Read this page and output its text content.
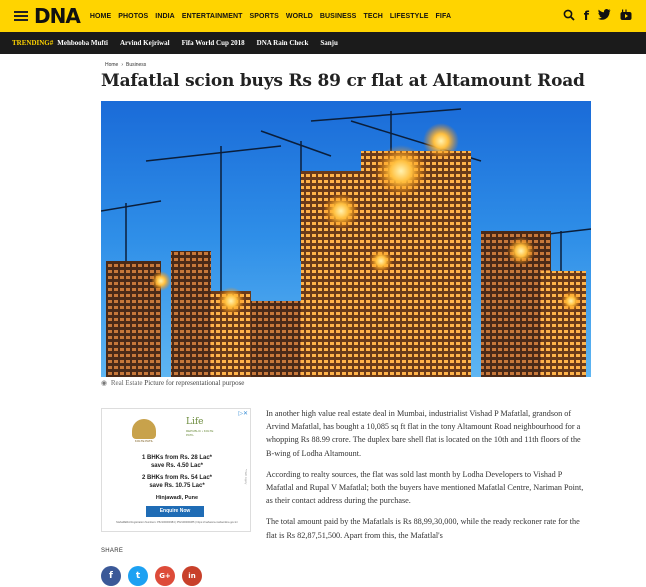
DNA HOME PHOTOS INDIA ENTERTAINMENT SPORTS WORLD BUSINESS TECH LIFESTYLE FIFA	f
TRENDING# Mehbooba Mufti Arvind Kejriwal Fifa World Cup 2018 DNA Rain Check Sanju
Home › Business
Mafatlal scion buys Rs 89 cr flat at Altamount Road
◉ Real Estate Picture for representational purpose
▷✕
KOLTE PATIL
Life
REPUBLIC • KOLTE PATIL
1 BHKs from Rs. 28 Lac*
save Rs. 4.50 Lac*
2 BHKs from Rs. 54 Lac*
save Rs. 10.75 Lac*
Hinjawadi, Pune
Enquire Now
MahaRERA Registration Numbers: P52100000384 | P52100000385 | https://maharera.mahaonline.gov.in/
*T&C Apply

In another high value real estate deal in Mumbai, industrialist Vishad P Mafatlal, grandson of Arvind Mafatlal, has bought a 10,085 sq ft flat in the tony Altamount Road neighbourhood for a whopping Rs 88.99 crore. The duplex bare shell flat is located on the 10th and 11th floors of the B-wing of Lodha Altamount.

According to realty sources, the flat was sold last month by Lodha Developers to Vishad P Mafatlal and Rupal V Mafatlal; both the buyers have mentioned Mafatlal Centre, Nariman Point, as their contact address during the purchase.

The total amount paid by the Mafatlals is Rs 88,99,30,000, while the ready reckoner rate for the flat is Rs 82,87,51,500. Apart from this, the Mafatlal's

SHARE
f	t	G+	in
